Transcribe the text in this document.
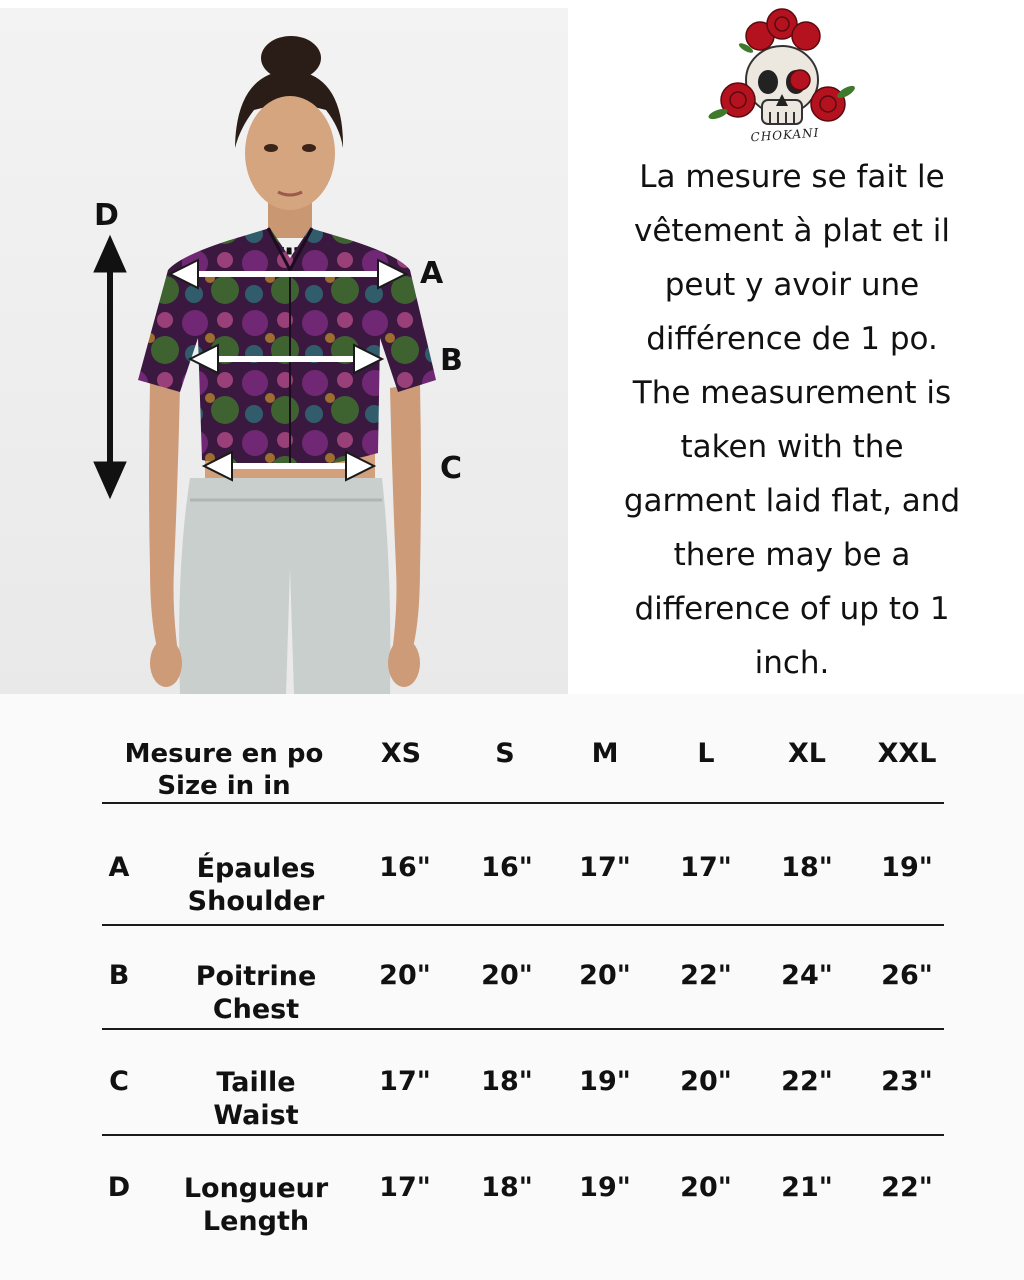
D
A
B
C
CHOKANI

La mesure se fait le

vêtement à plat et il

peut y avoir une

différence de 1 po.

The measurement is

taken with the

garment laid flat, and

there may be a

difference of up to 1

inch.

Mesure en po
Size in in
XS	S	M	L	XL	XXL
A	Épaules
Shoulder
16"	16"	17"	17"	18"	19"
B	Poitrine
Chest
20"	20"	20"	22"	24"	26"
C	Taille
Waist
17"	18"	19"	20"	22"	23"
D	Longueur
Length
17"	18"	19"	20"	21"	22"
